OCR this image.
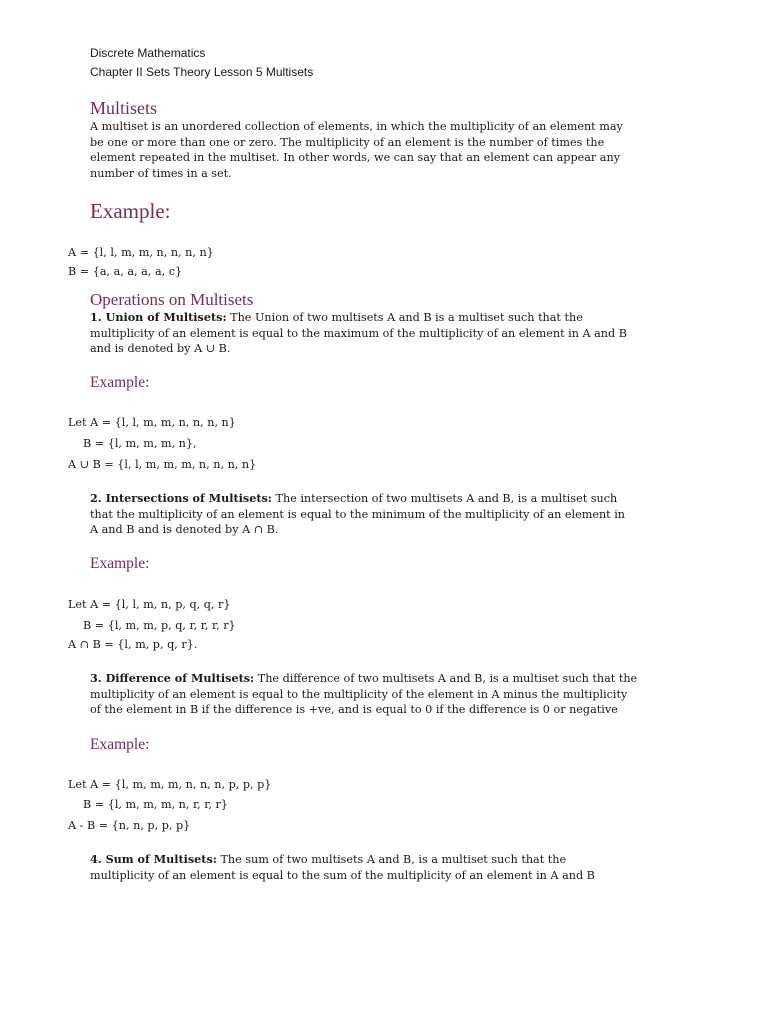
Discrete Mathematics
Chapter II Sets Theory Lesson 5 Multisets
Multisets
A multiset is an unordered collection of elements, in which the multiplicity of an element may
be one or more than one or zero. The multiplicity of an element is the number of times the
element repeated in the multiset. In other words, we can say that an element can appear any
number of times in a set.
Example:
A = {l, l, m, m, n, n, n, n}
B = {a, a, a, a, a, c}
Operations on Multisets
1. Union of Multisets: The Union of two multisets A and B is a multiset such that the
multiplicity of an element is equal to the maximum of the multiplicity of an element in A and B
and is denoted by A ∪ B.
Example:
Let A = {l, l, m, m, n, n, n, n}
B = {l, m, m, m, n},
A ∪ B = {l, l, m, m, m, n, n, n, n}
2. Intersections of Multisets: The intersection of two multisets A and B, is a multiset such
that the multiplicity of an element is equal to the minimum of the multiplicity of an element in
A and B and is denoted by A ∩ B.
Example:
Let A = {l, l, m, n, p, q, q, r}
B = {l, m, m, p, q, r, r, r, r}
A ∩ B = {l, m, p, q, r}.
3. Difference of Multisets: The difference of two multisets A and B, is a multiset such that the
multiplicity of an element is equal to the multiplicity of the element in A minus the multiplicity
of the element in B if the difference is +ve, and is equal to 0 if the difference is 0 or negative
Example:
Let A = {l, m, m, m, n, n, n, p, p, p}
B = {l, m, m, m, n, r, r, r}
A - B = {n, n, p, p, p}
4. Sum of Multisets: The sum of two multisets A and B, is a multiset such that the
multiplicity of an element is equal to the sum of the multiplicity of an element in A and B
